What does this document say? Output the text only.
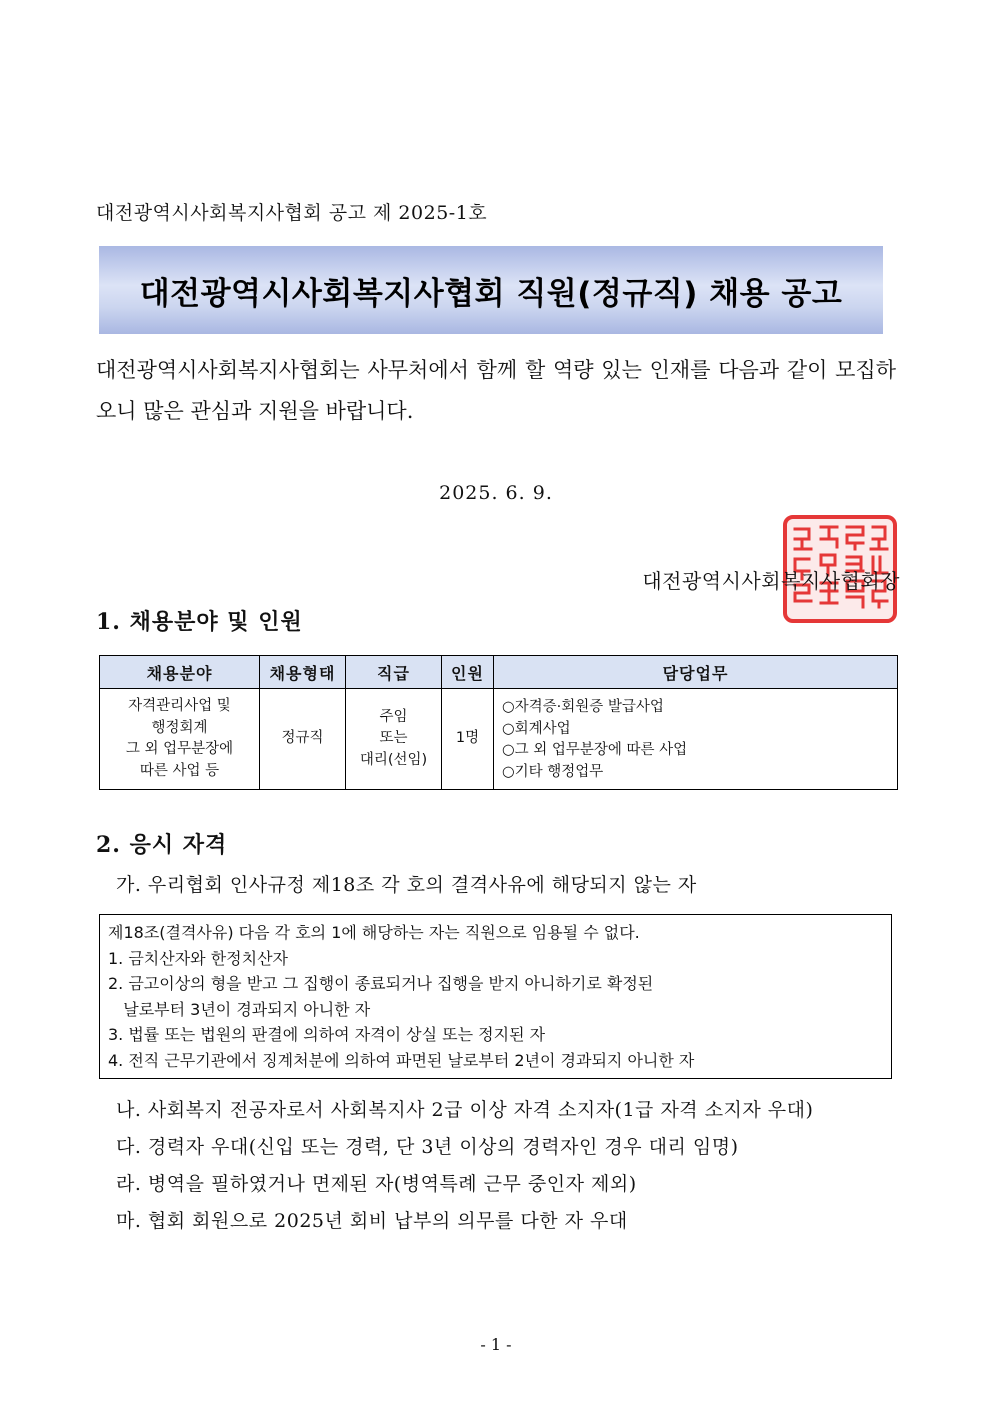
대전광역시사회복지사협회 공고 제 2025-1호
대전광역시사회복지사협회 직원(정규직) 채용 공고
대전광역시사회복지사협회는 사무처에서 함께 할 역량 있는 인재를 다음과 같이 모집하오니 많은 관심과 지원을 바랍니다.
2025. 6. 9.
대전광역시사회복지사협회장
1. 채용분야 및 인원
채용분야	채용형태	직급	인원	담당업무

자격관리사업 및
행정회계
그 외 업무분장에
따른 사업 등	정규직	주임
또는
대리(선임)	1명	○자격증·회원증 발급사업
○회계사업
○그 외 업무분장에 따른 사업
○기타 행정업무
2. 응시 자격
가. 우리협회 인사규정 제18조 각 호의 결격사유에 해당되지 않는 자
제18조(결격사유) 다음 각 호의 1에 해당하는 자는 직원으로 임용될 수 없다.
1. 금치산자와 한정치산자
2. 금고이상의 형을 받고 그 집행이 종료되거나 집행을 받지 아니하기로 확정된
날로부터 3년이 경과되지 아니한 자
3. 법률 또는 법원의 판결에 의하여 자격이 상실 또는 정지된 자
4. 전직 근무기관에서 징계처분에 의하여 파면된 날로부터 2년이 경과되지 아니한 자
나. 사회복지 전공자로서 사회복지사 2급 이상 자격 소지자(1급 자격 소지자 우대)
다. 경력자 우대(신입 또는 경력, 단 3년 이상의 경력자인 경우 대리 임명)
라. 병역을 필하였거나 면제된 자(병역특례 근무 중인자 제외)
마. 협회 회원으로 2025년 회비 납부의 의무를 다한 자 우대
- 1 -
